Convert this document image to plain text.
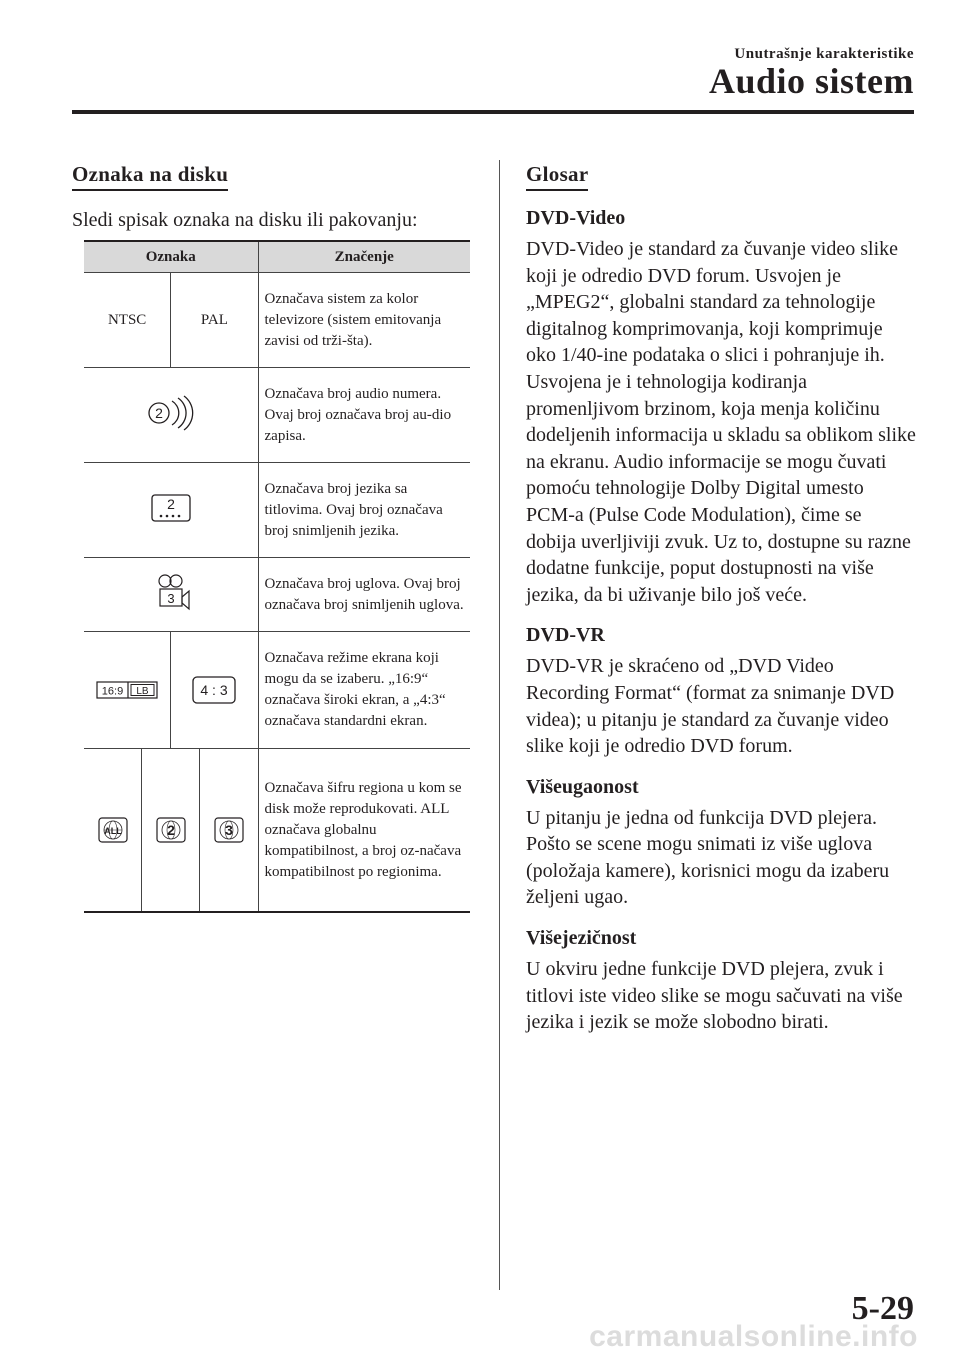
Unutrašnje karakteristike
Audio sistem
Oznaka na disku
Sledi spisak oznaka na disku ili pakovanju:
Oznaka	Značenje

NTSC PAL	Označava sistem za kolor televizore (sistem emitovanja zavisi od trži-šta).

2	Označava broj audio numera. Ovaj broj označava broj au-dio zapisa.

2	Označava broj jezika sa titlovima. Ovaj broj označava broj snimljenih jezika.

3	Označava broj uglova. Ovaj broj označava broj snimljenih uglova.

16:9 LB 4 : 3	Označava režime ekrana koji mogu da se izaberu. „16:9“ označava široki ekran, a „4:3“ označava standardni ekran.

ALL 2 3	Označava šifru regiona u kom se disk može reprodukovati. ALL označava globalnu kompatibilnost, a broj oz-načava kompatibilnost po regionima.
Glosar
DVD-Video

DVD-Video je standard za čuvanje video slike koji je odredio DVD forum. Usvojen je „MPEG2“, globalni standard za tehnologije digitalnog komprimovanja, koji komprimuje oko 1/40-ine podataka o slici i pohranjuje ih. Usvojena je i tehnologija kodiranja promenljivom brzinom, koja menja količinu dodeljenih informacija u skladu sa oblikom slike na ekranu. Audio informacije se mogu čuvati pomoću tehnologije Dolby Digital umesto PCM-a (Pulse Code Modulation), čime se dobija uverljiviji zvuk. Uz to, dostupne su razne dodatne funkcije, poput dostupnosti na više jezika, da bi uživanje bilo još veće.

DVD-VR

DVD-VR je skraćeno od „DVD Video Recording Format“ (format za snimanje DVD videa); u pitanju je standard za čuvanje video slike koji je odredio DVD forum.

Višeugaonost

U pitanju je jedna od funkcija DVD plejera. Pošto se scene mogu snimati iz više uglova (položaja kamere), korisnici mogu da izaberu željeni ugao.

Višejezičnost

U okviru jedne funkcije DVD plejera, zvuk i titlovi iste video slike se mogu sačuvati na više jezika i jezik se može slobodno birati.

5-29
carmanualsonline.info
